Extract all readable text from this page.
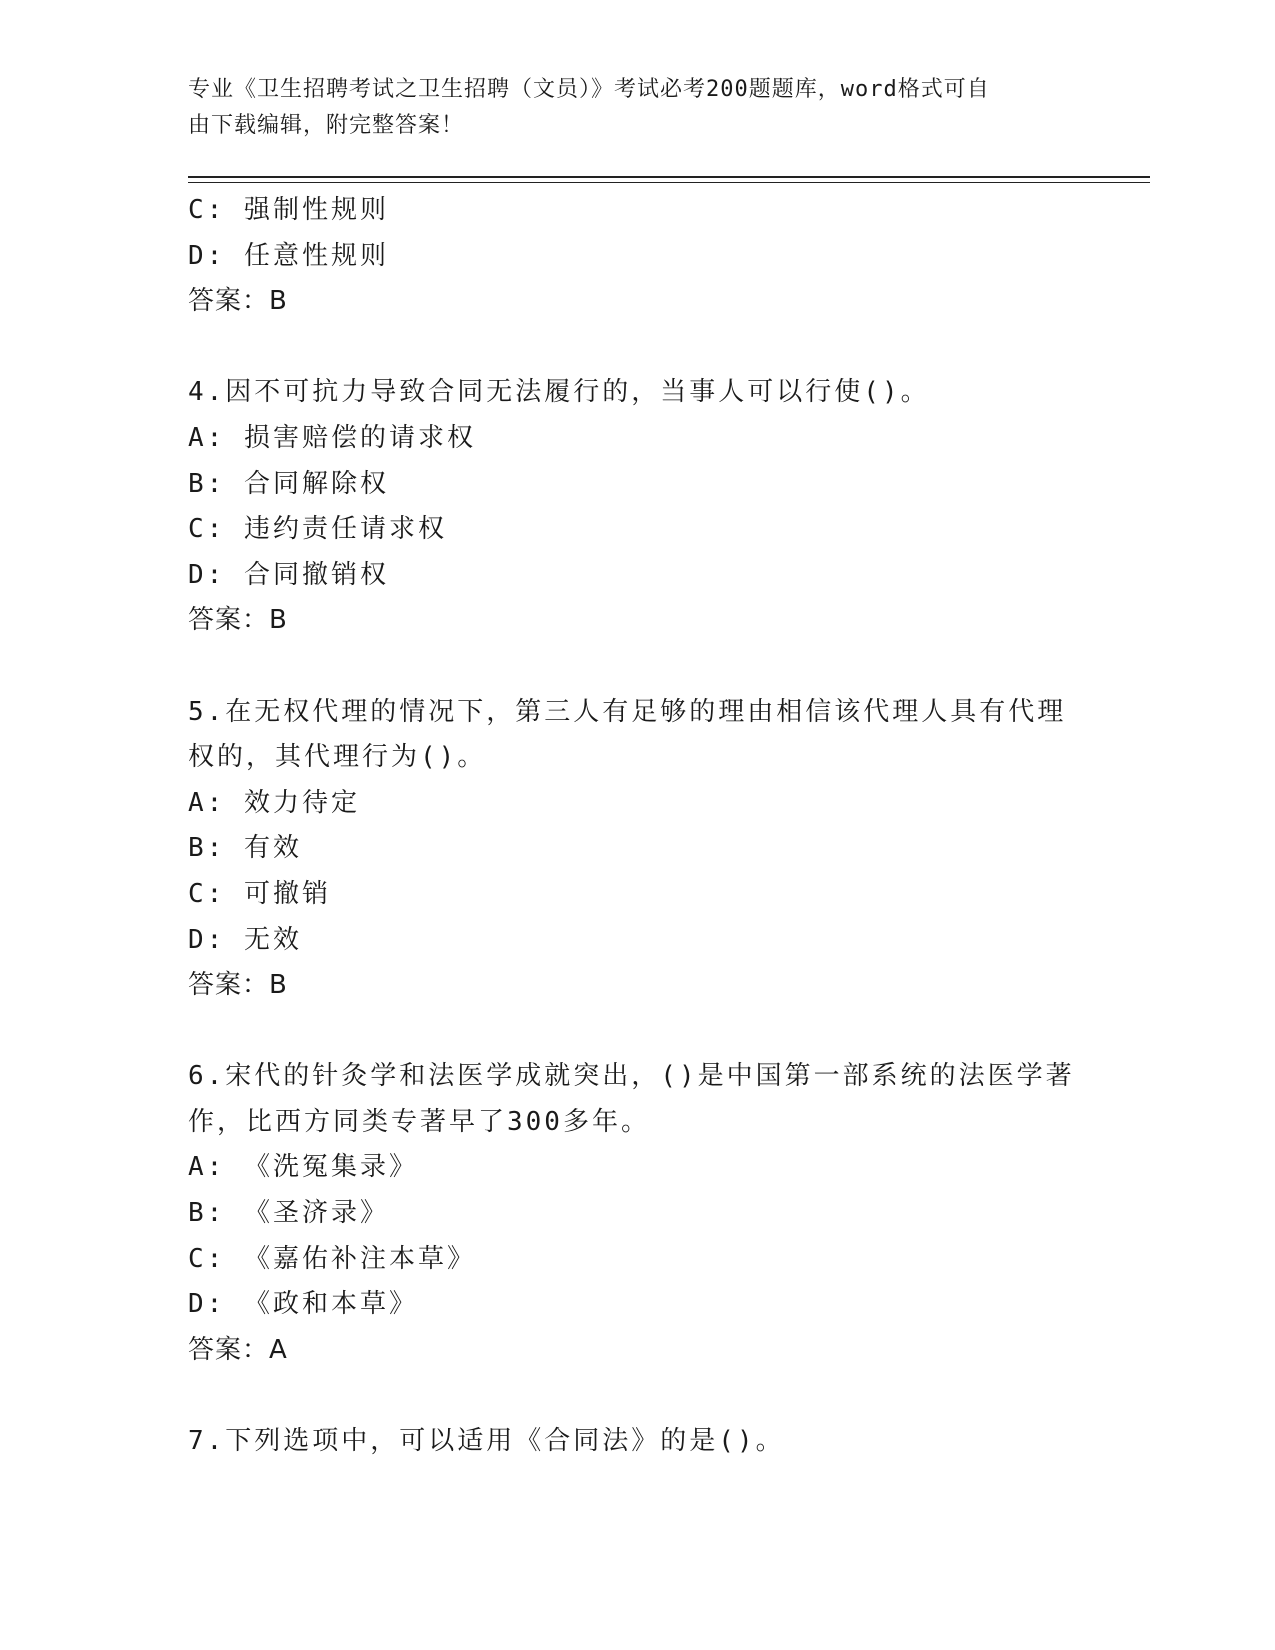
专业《卫生招聘考试之卫生招聘（文员）》考试必考200题题库，word格式可自
由下载编辑，附完整答案！
C: 强制性规则
D: 任意性规则
答案：B
4.因不可抗力导致合同无法履行的，当事人可以行使()。
A: 损害赔偿的请求权
B: 合同解除权
C: 违约责任请求权
D: 合同撤销权
答案：B
5.在无权代理的情况下，第三人有足够的理由相信该代理人具有代理
权的，其代理行为()。
A: 效力待定
B: 有效
C: 可撤销
D: 无效
答案：B
6.宋代的针灸学和法医学成就突出，()是中国第一部系统的法医学著
作，比西方同类专著早了300多年。
A: 《洗冤集录》
B: 《圣济录》
C: 《嘉佑补注本草》
D: 《政和本草》
答案：A
7.下列选项中，可以适用《合同法》的是()。
